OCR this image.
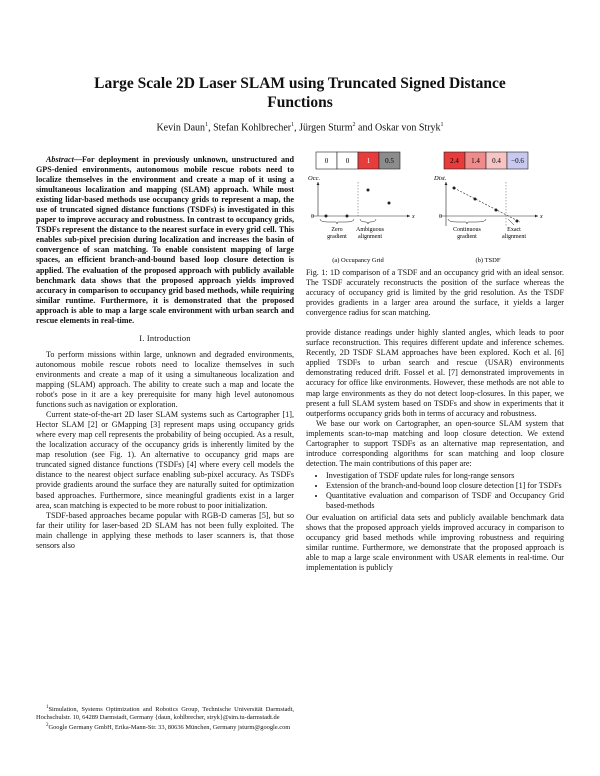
Large Scale 2D Laser SLAM using Truncated Signed Distance Functions
Kevin Daun$^1$, Stefan Kohlbrecher$^1$, Jürgen Sturm$^2$ and Oskar von Stryk$^1$

Abstract—For deployment in previously unknown, unstructured and GPS-denied environments, autonomous mobile rescue robots need to localize themselves in the environment and create a map of it using a simultaneous localization and mapping (SLAM) approach. While most existing lidar-based methods use occupancy grids to represent a map, the use of truncated signed distance functions (TSDFs) is investigated in this paper to improve accuracy and robustness. In contrast to occupancy grids, TSDFs represent the distance to the nearest surface in every grid cell. This enables sub-pixel precision during localization and increases the basin of convergence of scan matching. To enable consistent mapping of large spaces, an efficient branch-and-bound based loop closure detection is applied. The evaluation of the proposed approach with publicly available benchmark data shows that the proposed approach yields improved accuracy in comparison to occupancy grid based methods, while requiring similar runtime. Furthermore, it is demonstrated that the proposed approach is able to map a large scale environment with urban search and rescue elements in real-time.

I. Introduction

To perform missions within large, unknown and degraded environments, autonomous mobile rescue robots need to localize themselves in such environments and create a map of it using a simultaneous localization and mapping (SLAM) approach. The ability to create such a map and locate the robot's pose in it are a key prerequisite for many high level autonomous functions such as navigation or exploration.

Current state-of-the-art 2D laser SLAM systems such as Cartographer [1], Hector SLAM [2] or GMapping [3] represent maps using occupancy grids where every map cell represents the probability of being occupied. As a result, the localization accuracy of the occupancy grids is inherently limited by the map resolution (see Fig. 1). An alternative to occupancy grid maps are truncated signed distance functions (TSDFs) [4] where every cell models the distance to the nearest object surface enabling sub-pixel accuracy. As TSDFs provide gradients around the surface they are naturally suited for optimization based approaches. Furthermore, since meaningful gradients exist in a larger area, scan matching is expected to be more robust to poor initialization.

TSDF-based approaches became popular with RGB-D cameras [5], but so far their utility for laser-based 2D SLAM has not been fully exploited. The main challenge in applying these methods to laser scanners is, that those sensors also

$^1$Simulation, Systems Optimization and Robotics Group, Technische Universität Darmstadt, Hochschulstr. 10, 64289 Darmstadt, Germany {daun, kohlbrecher, stryk}@sim.tu-darmstadt.de

$^2$Google Germany GmbH, Erika-Mann-Str. 33, 80636 München, Germany jsturm@google.com

0	0	1 0.5
Occ.
0	x
Zero gradient
Ambiguous alignment
(a) Occupancy Grid
2.4 1.4 0.4 −0.6
Dist.
0	x
Continuous gradient
Exact alignment
(b) TSDF

Fig. 1: 1D comparison of a TSDF and an occupancy grid with an ideal sensor. The TSDF accurately reconstructs the position of the surface whereas the accuracy of occupancy grid is limited by the grid resolution. As the TSDF provides gradients in a larger area around the surface, it yields a larger convergence radius for scan matching.

provide distance readings under highly slanted angles, which leads to poor surface reconstruction. This requires different update and inference schemes. Recently, 2D TSDF SLAM approaches have been explored. Koch et al. [6] applied TSDFs to urban search and rescue (USAR) environments demonstrating reduced drift. Fossel et al. [7] demonstrated improvements in accuracy for office like environments. However, these methods are not able to map large environments as they do not detect loop-closures. In this paper, we present a full SLAM system based on TSDFs and show in experiments that it outperforms occupancy grids both in terms of accuracy and robustness.

We base our work on Cartographer, an open-source SLAM system that implements scan-to-map matching and loop closure detection. We extend Cartographer to support TSDFs as an alternative map representation, and introduce corresponding algorithms for scan matching and loop closure detection. The main contributions of this paper are:

• Investigation of TSDF update rules for long-range sensors
• Extension of the branch-and-bound loop closure detection [1] for TSDFs
• Quantitative evaluation and comparison of TSDF and Occupancy Grid based-methods

Our evaluation on artificial data sets and publicly available benchmark data shows that the proposed approach yields improved accuracy in comparison to occupancy grid based methods while improving robustness and requiring similar runtime. Furthermore, we demonstrate that the proposed approach is able to map a large scale environment with USAR elements in real-time. Our implementation is publicly
